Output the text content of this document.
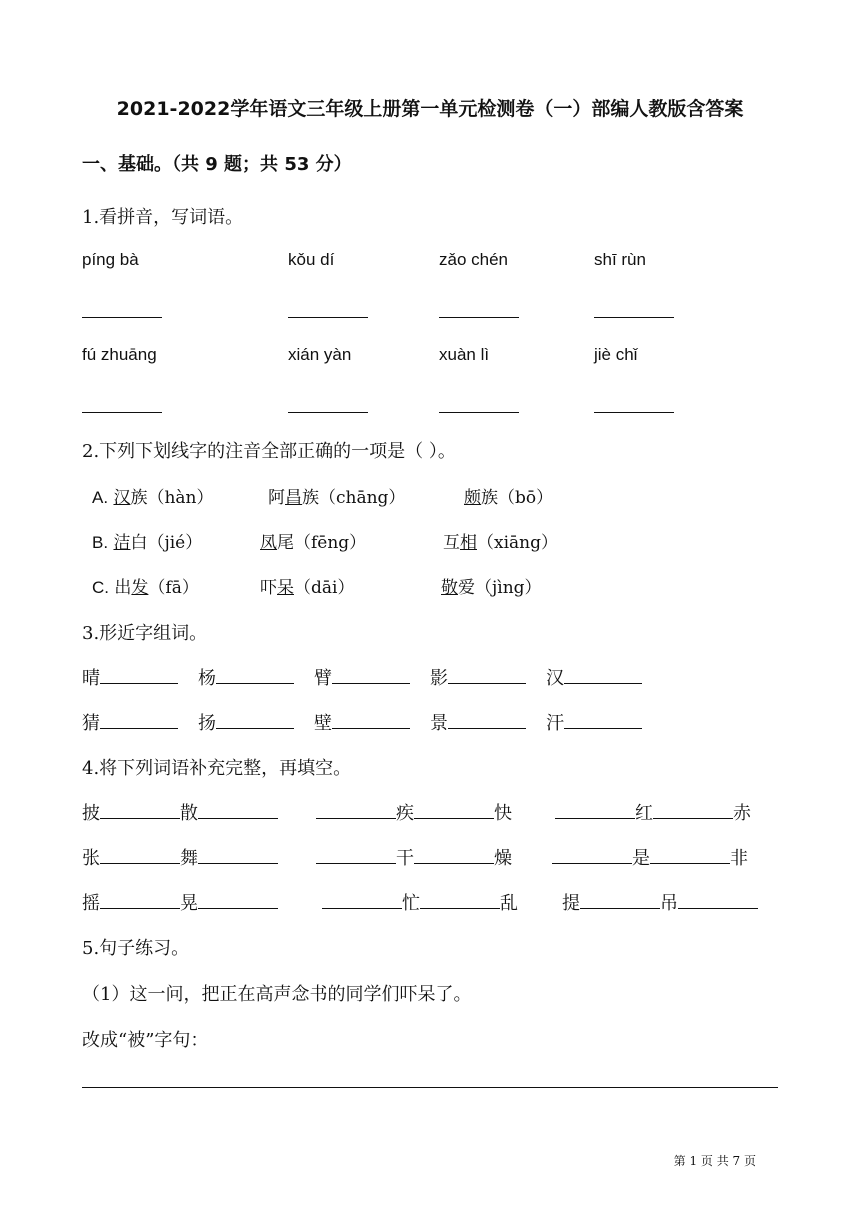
2021-2022学年语文三年级上册第一单元检测卷（一）部编人教版含答案
一、基础。（共 9 题；共 53 分）
1.看拼音，写词语。
píng bà	kǒu dí	zǎo chén	shī rùn
fú zhuāng	xián yàn	xuàn lì	jiè chǐ
2.下列下划线字的注音全部正确的一项是（ ）。
A. 汉族（hàn）	阿昌族（chāng）	颇族（bō）
B. 洁白（jié）	凤尾（fēng）	互相（xiāng）
C. 出发（fā）	吓呆（dāi）	敬爱（jìng）
3.形近字组词。
晴	杨	臂	影	汉
猜	扬	壁	景	汗
4.将下列词语补充完整，再填空。
披	散	疾	快	红	赤
张	舞	干	燥	是	非
摇	晃	忙	乱 提	吊
5.句子练习。
（1）这一问，把正在高声念书的同学们吓呆了。
改成“被”字句：
第 1 页 共 7 页
